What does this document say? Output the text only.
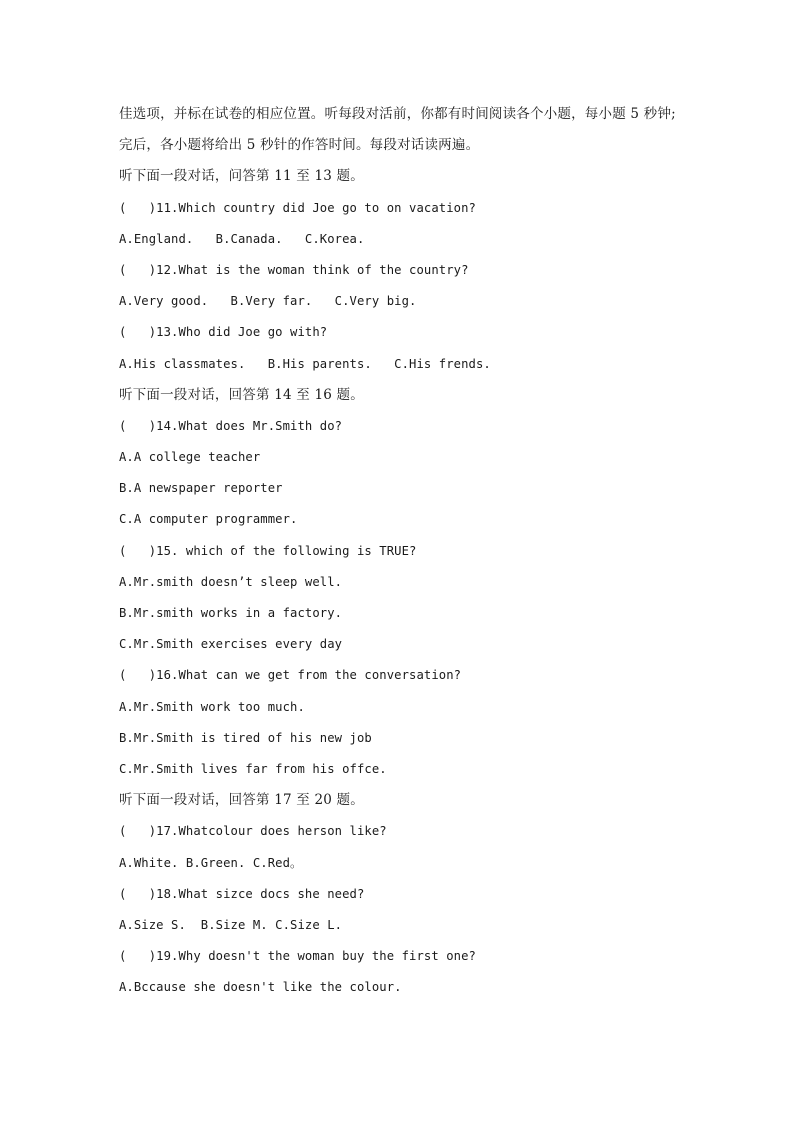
佳选项，并标在试卷的相应位置。听每段对活前，你都有时间阅读各个小题，每小题 5 秒钟;
完后，各小题将给出 5 秒针的作答时间。每段对话读两遍。
听下面一段对话，问答第 11 至 13 题。
(   )11.Which country did Joe go to on vacation?
A.England.   B.Canada.   C.Korea.
(   )12.What is the woman think of the country?
A.Very good.   B.Very far.   C.Very big.
(   )13.Who did Joe go with?
A.His classmates.   B.His parents.   C.His frends.
听下面一段对话，回答第 14 至 16 题。
(   )14.What does Mr.Smith do?
A.A college teacher
B.A newspaper reporter
C.A computer programmer.
(   )15. which of the following is TRUE?
A.Mr.smith doesn’t sleep well.
B.Mr.smith works in a factory.
C.Mr.Smith exercises every day
(   )16.What can we get from the conversation?
A.Mr.Smith work too much.
B.Mr.Smith is tired of his new job
C.Mr.Smith lives far from his offce.
听下面一段对话，回答第 17 至 20 题。
(   )17.Whatcolour does herson like?
A.White. B.Green. C.Red。
(   )18.What sizce docs she need?
A.Size S.  B.Size M. C.Size L.
(   )19.Why doesn't the woman buy the first one?
A.Bccause she doesn't like the colour.
